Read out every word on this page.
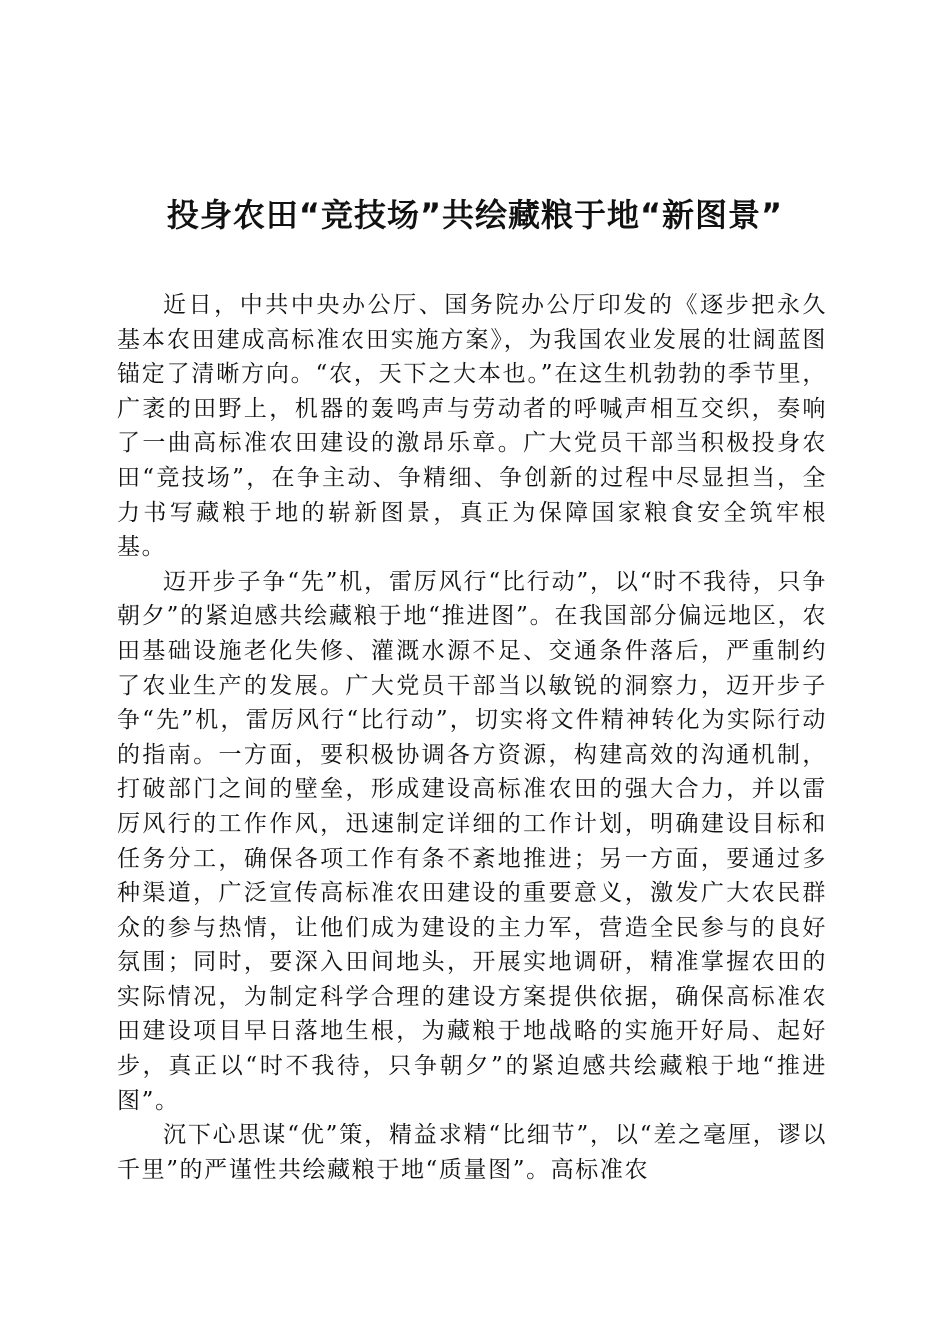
投身农田“竞技场”共绘藏粮于地“新图景”

近日，中共中央办公厅、国务院办公厅印发的《逐步把永久基本农田建成高标准农田实施方案》，为我国农业发展的壮阔蓝图锚定了清晰方向。“农，天下之大本也。”在这生机勃勃的季节里，广袤的田野上，机器的轰鸣声与劳动者的呼喊声相互交织，奏响了一曲高标准农田建设的激昂乐章。广大党员干部当积极投身农田“竞技场”，在争主动、争精细、争创新的过程中尽显担当，全力书写藏粮于地的崭新图景，真正为保障国家粮食安全筑牢根基。

迈开步子争“先”机，雷厉风行“比行动”，以“时不我待，只争朝夕”的紧迫感共绘藏粮于地“推进图”。在我国部分偏远地区，农田基础设施老化失修、灌溉水源不足、交通条件落后，严重制约了农业生产的发展。广大党员干部当以敏锐的洞察力，迈开步子争“先”机，雷厉风行“比行动”，切实将文件精神转化为实际行动的指南。一方面，要积极协调各方资源，构建高效的沟通机制，打破部门之间的壁垒，形成建设高标准农田的强大合力，并以雷厉风行的工作作风，迅速制定详细的工作计划，明确建设目标和任务分工，确保各项工作有条不紊地推进；另一方面，要通过多种渠道，广泛宣传高标准农田建设的重要意义，激发广大农民群众的参与热情，让他们成为建设的主力军，营造全民参与的良好氛围；同时，要深入田间地头，开展实地调研，精准掌握农田的实际情况，为制定科学合理的建设方案提供依据，确保高标准农田建设项目早日落地生根，为藏粮于地战略的实施开好局、起好步，真正以“时不我待，只争朝夕”的紧迫感共绘藏粮于地“推进图”。

沉下心思谋“优”策，精益求精“比细节”，以“差之毫厘，谬以千里”的严谨性共绘藏粮于地“质量图”。高标准农
